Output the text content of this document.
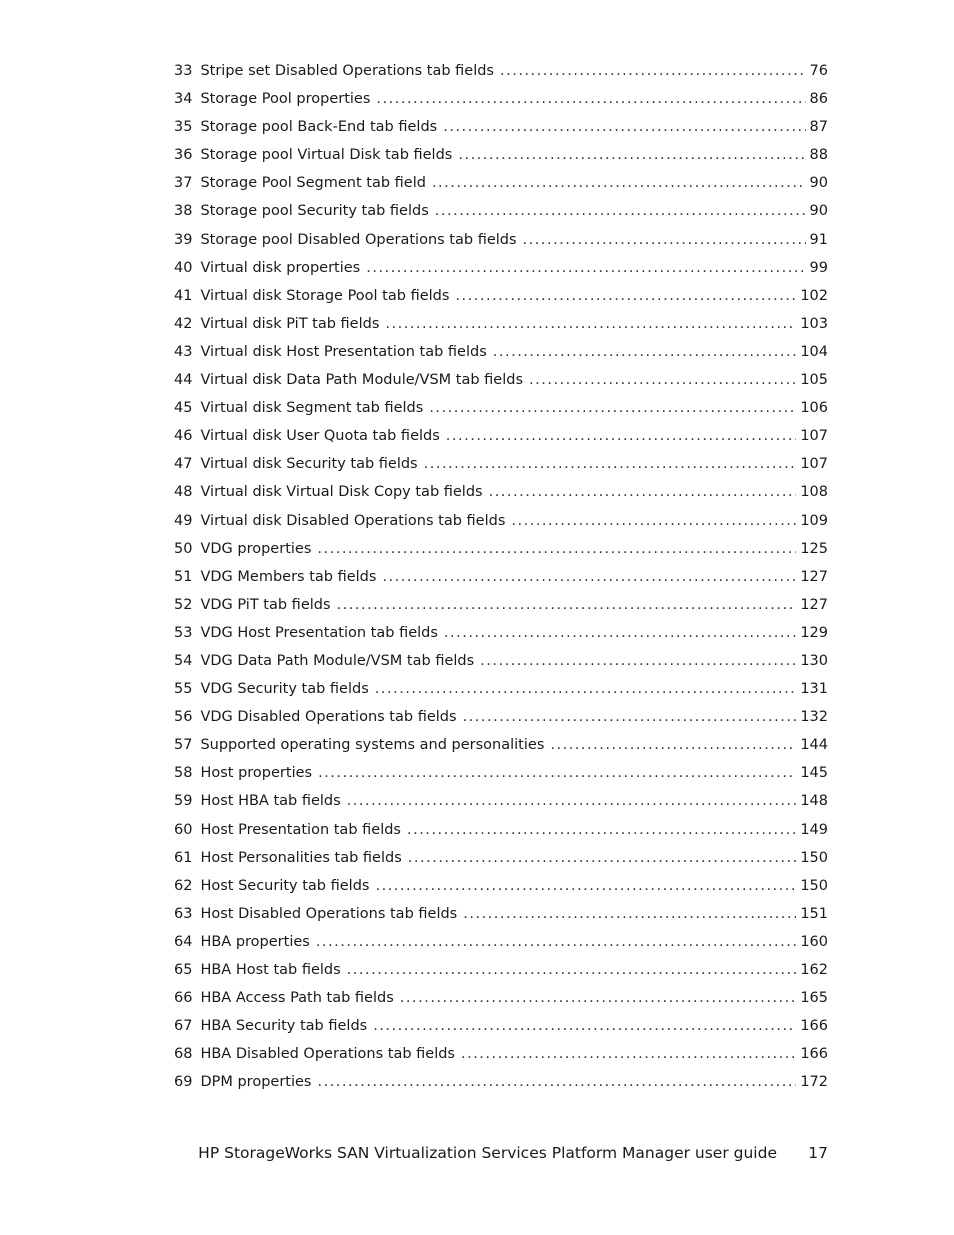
33 Stripe set Disabled Operations tab fields .....	76
34 Storage Pool properties .....	86
35 Storage pool Back-End tab fields .....	87
36 Storage pool Virtual Disk tab fields .....	88
37 Storage Pool Segment tab field .....	90
38 Storage pool Security tab fields .....	90
39 Storage pool Disabled Operations tab fields .....	91
40 Virtual disk properties .....	99
41 Virtual disk Storage Pool tab fields .....	102
42 Virtual disk PiT tab fields .....	103
43 Virtual disk Host Presentation tab fields .....	104
44 Virtual disk Data Path Module/VSM tab fields .....	105
45 Virtual disk Segment tab fields .....	106
46 Virtual disk User Quota tab fields .....	107
47 Virtual disk Security tab fields .....	107
48 Virtual disk Virtual Disk Copy tab fields .....	108
49 Virtual disk Disabled Operations tab fields .....	109
50 VDG properties .....	125
51 VDG Members tab fields .....	127
52 VDG PiT tab fields .....	127
53 VDG Host Presentation tab fields .....	129
54 VDG Data Path Module/VSM tab fields .....	130
55 VDG Security tab fields .....	131
56 VDG Disabled Operations tab fields .....	132
57 Supported operating systems and personalities .....	144
58 Host properties .....	145
59 Host HBA tab fields .....	148
60 Host Presentation tab fields .....	149
61 Host Personalities tab fields .....	150
62 Host Security tab fields .....	150
63 Host Disabled Operations tab fields .....	151
64 HBA properties .....	160
65 HBA Host tab fields .....	162
66 HBA Access Path tab fields .....	165
67 HBA Security tab fields .....	166
68 HBA Disabled Operations tab fields .....	166
69 DPM properties .....	172
HP StorageWorks SAN Virtualization Services Platform Manager user guide 17
